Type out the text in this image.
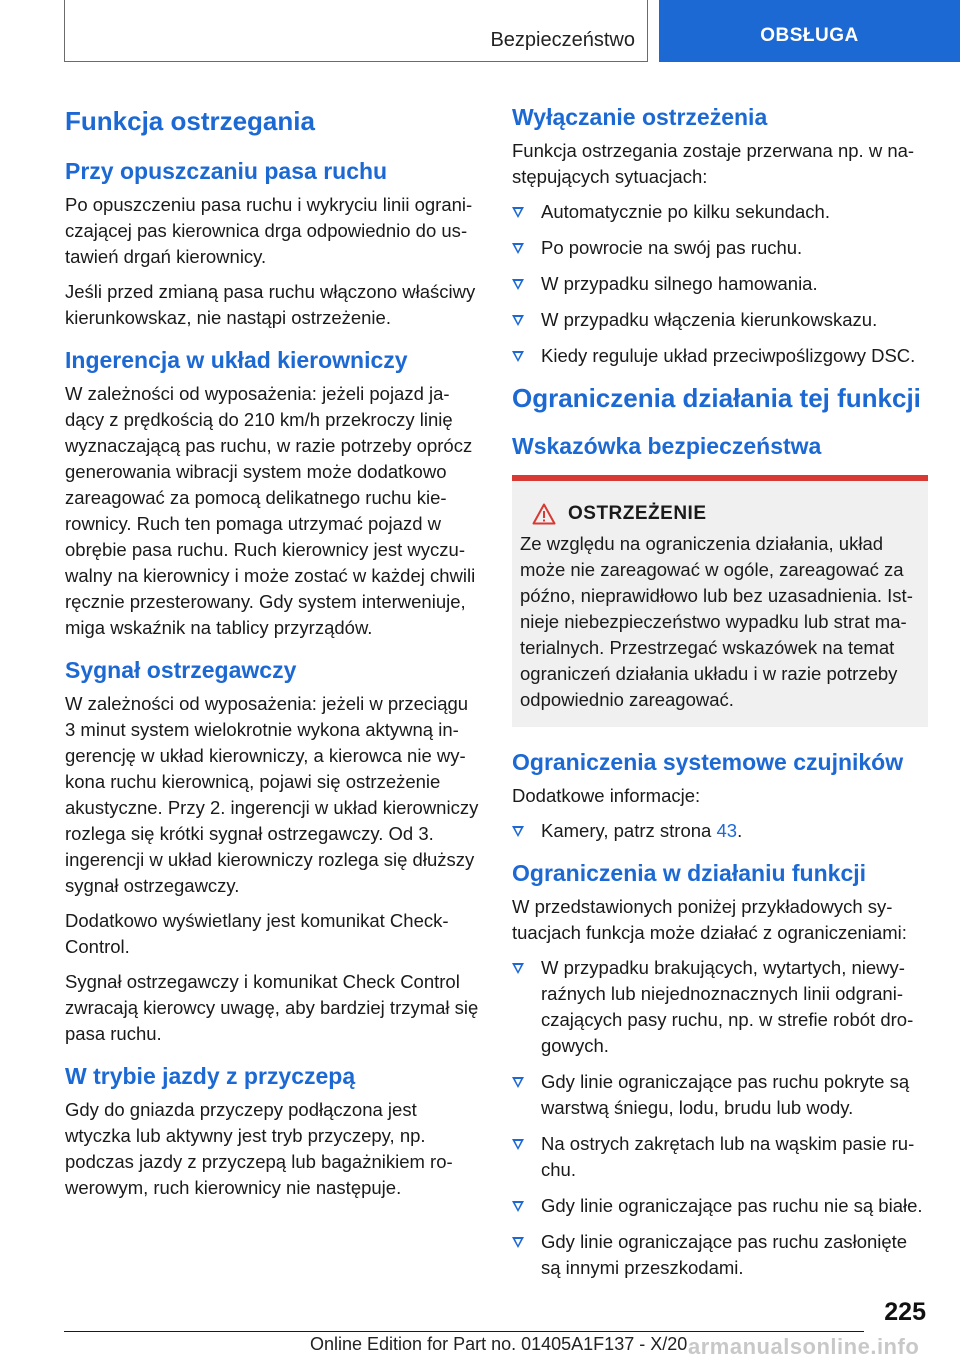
Bezpieczeństwo	OBSŁUGA
Funkcja ostrzegania
Przy opuszczaniu pasa ruchu

Po opuszczeniu pasa ruchu i wykryciu linii ograniczającej pas kierownica drga odpowiednio do ustawień drgań kierownicy.

Jeśli przed zmianą pasa ruchu włączono właściwy kierunkowskaz, nie nastąpi ostrzeżenie.

Ingerencja w układ kierowniczy

W zależności od wyposażenia: jeżeli pojazd jadący z prędkością do 210 km/h przekroczy linię wyznaczającą pas ruchu, w razie potrzeby oprócz generowania wibracji system może dodatkowo zareagować za pomocą delikatnego ruchu kierownicy. Ruch ten pomaga utrzymać pojazd w obrębie pasa ruchu. Ruch kierownicy jest wyczuwalny na kierownicy i może zostać w każdej chwili ręcznie przesterowany. Gdy system interweniuje, miga wskaźnik na tablicy przyrządów.

Sygnał ostrzegawczy

W zależności od wyposażenia: jeżeli w przeciągu 3 minut system wielokrotnie wykona aktywną ingerencję w układ kierowniczy, a kierowca nie wykona ruchu kierownicą, pojawi się ostrzeżenie akustyczne. Przy 2. ingerencji w układ kierowniczy rozlega się krótki sygnał ostrzegawczy. Od 3. ingerencji w układ kierowniczy rozlega się dłuższy sygnał ostrzegawczy.

Dodatkowo wyświetlany jest komunikat Check-Control.

Sygnał ostrzegawczy i komunikat Check Control zwracają kierowcy uwagę, aby bardziej trzymał się pasa ruchu.

W trybie jazdy z przyczepą

Gdy do gniazda przyczepy podłączona jest wtyczka lub aktywny jest tryb przyczepy, np. podczas jazdy z przyczepą lub bagażnikiem rowerowym, ruch kierownicy nie następuje.

Wyłączanie ostrzeżenia

Funkcja ostrzegania zostaje przerwana np. w następujących sytuacjach:

Automatycznie po kilku sekundach.
Po powrocie na swój pas ruchu.
W przypadku silnego hamowania.
W przypadku włączenia kierunkowskazu.
Kiedy reguluje układ przeciwpoślizgowy DSC.
Ograniczenia działania tej funkcji
Wskazówka bezpieczeństwa
OSTRZEŻENIE

Ze względu na ograniczenia działania, układ może nie zareagować w ogóle, zareagować za późno, nieprawidłowo lub bez uzasadnienia. Istnieje niebezpieczeństwo wypadku lub strat materialnych. Przestrzegać wskazówek na temat ograniczeń działania układu i w razie potrzeby odpowiednio zareagować.

Ograniczenia systemowe czujników

Dodatkowe informacje:

Kamery, patrz strona 43.
Ograniczenia w działaniu funkcji

W przedstawionych poniżej przykładowych sytuacjach funkcja może działać z ograniczeniami:

W przypadku brakujących, wytartych, niewyraźnych lub niejednoznacznych linii odgraniczających pasy ruchu, np. w strefie robót drogowych.
Gdy linie ograniczające pas ruchu pokryte są warstwą śniegu, lodu, brudu lub wody.
Na ostrych zakrętach lub na wąskim pasie ruchu.
Gdy linie ograniczające pas ruchu nie są białe.
Gdy linie ograniczające pas ruchu zasłonięte są innymi przeszkodami.
225
Online Edition for Part no. 01405A1F137 - X/20 armanualsonline.info
